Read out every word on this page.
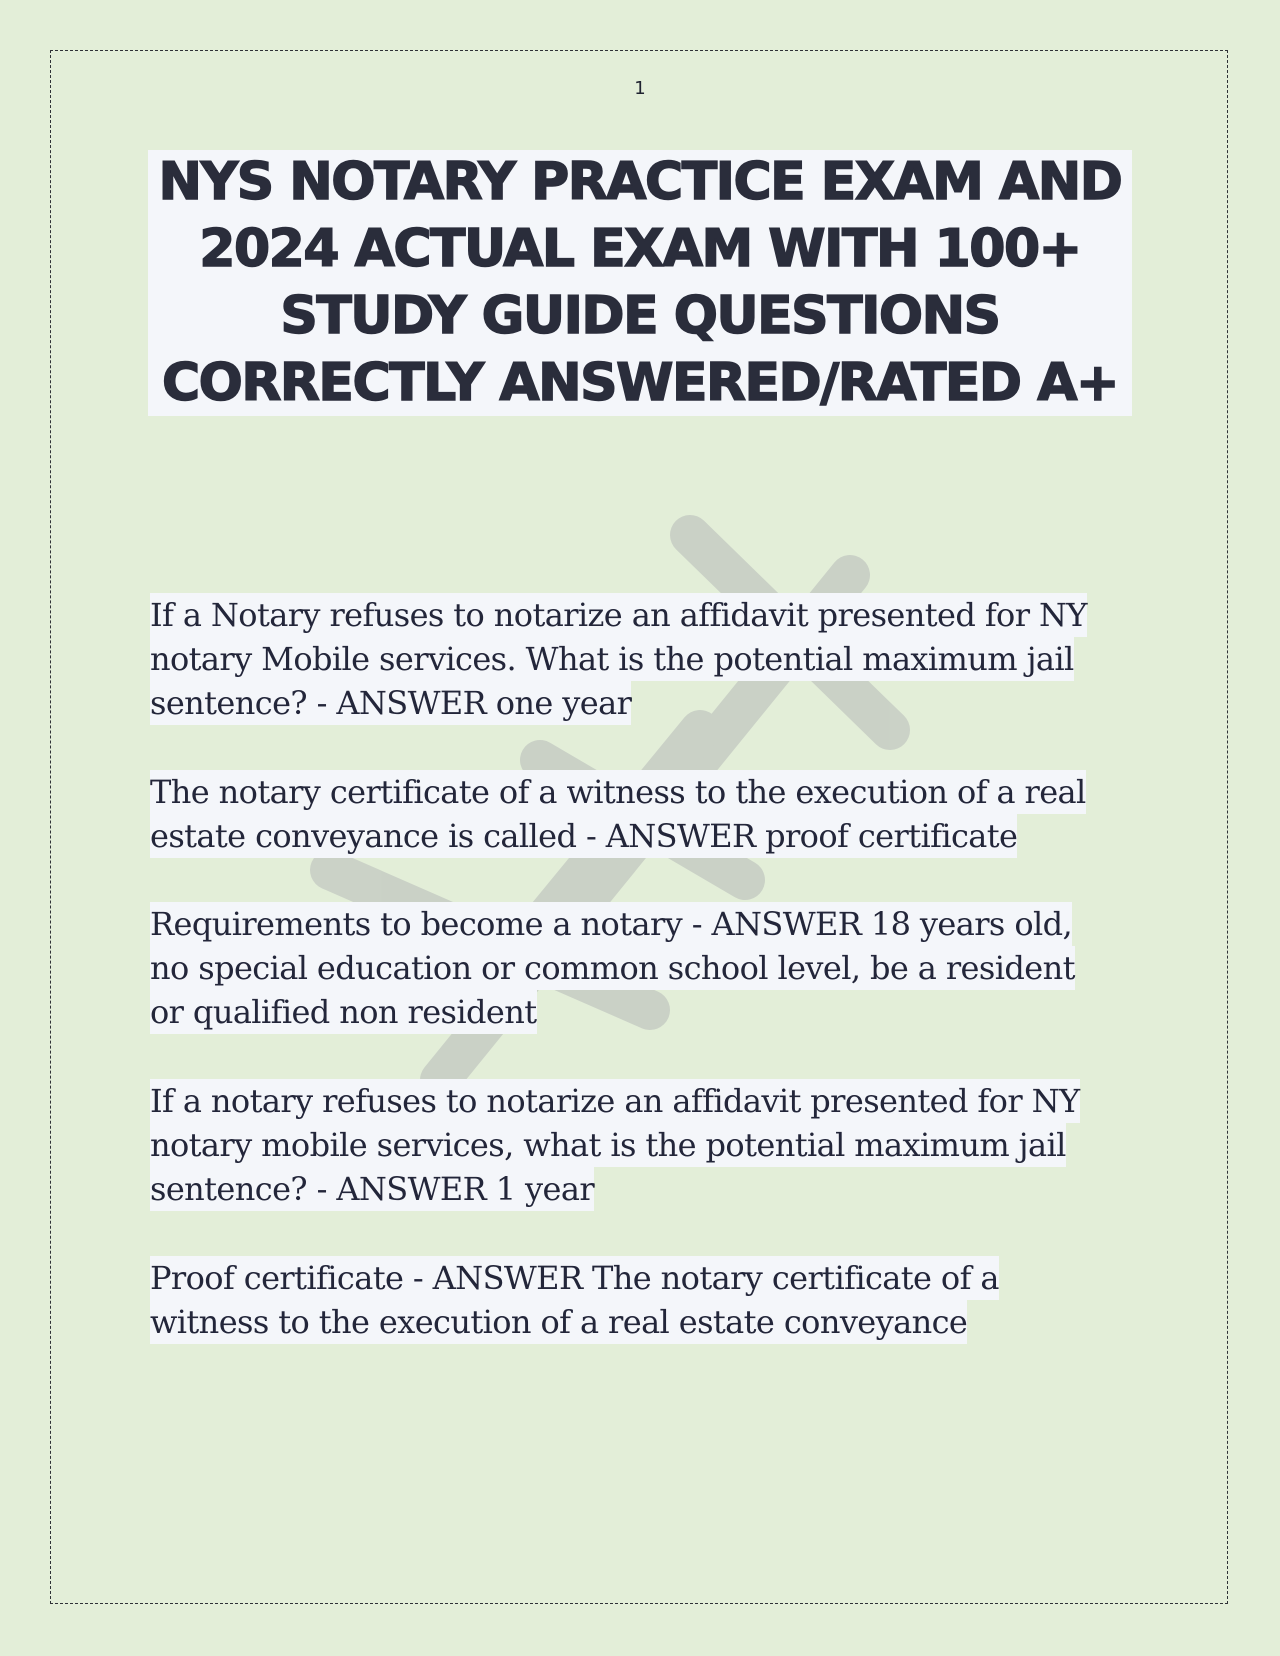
1
NYS NOTARY PRACTICE EXAM AND
2024 ACTUAL EXAM WITH 100+
STUDY GUIDE QUESTIONS
CORRECTLY ANSWERED/RATED A+
If a Notary refuses to notarize an affidavit presented for NY
notary Mobile services. What is the potential maximum jail
sentence? - ANSWER one year
The notary certificate of a witness to the execution of a real
estate conveyance is called - ANSWER proof certificate
Requirements to become a notary - ANSWER 18 years old,
no special education or common school level, be a resident
or qualified non resident
If a notary refuses to notarize an affidavit presented for NY
notary mobile services, what is the potential maximum jail
sentence? - ANSWER 1 year
Proof certificate - ANSWER The notary certificate of a
witness to the execution of a real estate conveyance
